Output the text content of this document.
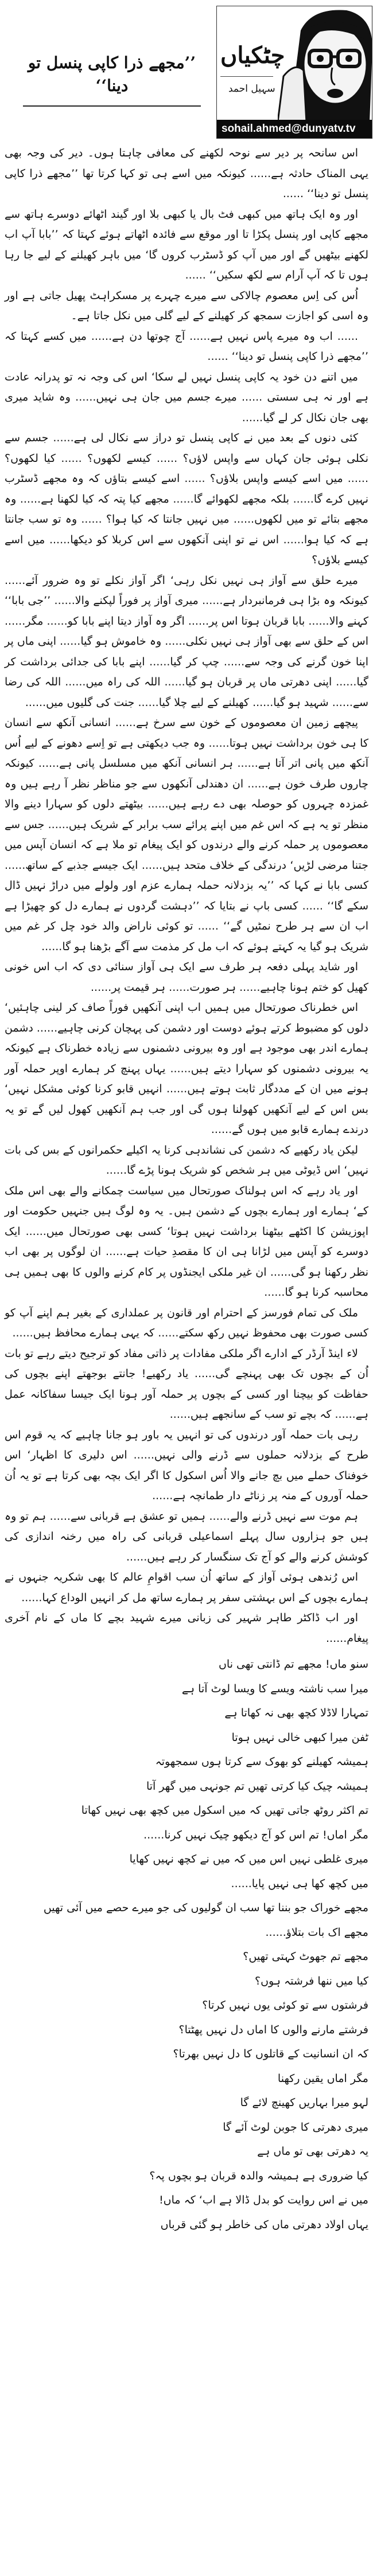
’’مجھے ذرا کاپی پنسل تو دینا‘‘
چٹکیاں
سہیل احمد
sohail.ahmed@dunyatv.tv

اس سانحہ پر دیر سے نوحہ لکھنے کی معافی چاہتا ہوں۔ دیر کی وجہ بھی یہی المناک حادثہ ہے...... کیونکہ میں اسے ہی تو کہا کرتا تھا ’’مجھے ذرا کاپی پنسل تو دینا‘‘ ......

اور وہ ایک ہاتھ میں کبھی فٹ بال یا کبھی بلا اور گیند اٹھائے دوسرے ہاتھ سے مجھے کاپی اور پنسل پکڑا تا اور موقع سے فائدہ اٹھاتے ہوئے کہتا کہ ’’بابا آپ اب لکھنے بیٹھیں گے اور میں آپ کو ڈسٹرب کروں گا‘ میں باہر کھیلنے کے لیے جا رہا ہوں تا کہ آپ آرام سے لکھ سکیں‘‘ ......

اُس کی اِس معصوم چالاکی سے میرے چہرے پر مسکراہٹ پھیل جاتی ہے اور وہ اسی کو اجازت سمجھ کر کھیلنے کے لیے گلی میں نکل جاتا ہے۔

...... اب وہ میرے پاس نہیں ہے...... آج چوتھا دن ہے...... میں کسے کہتا کہ ’’مجھے ذرا کاپی پنسل تو دینا‘‘ ......

میں اتنے دن خود یہ کاپی پنسل نہیں لے سکا‘ اس کی وجہ نہ تو پدرانہ عادت ہے اور نہ ہی سستی ...... میرے جسم میں جان ہی نہیں...... وہ شاید میری بھی جان نکال کر لے گیا......

کئی دنوں کے بعد میں نے کاپی پنسل تو دراز سے نکال لی ہے...... جسم سے نکلی ہوئی جان کہاں سے واپس لاؤں؟ ...... کیسے لکھوں؟ ...... کیا لکھوں؟ ...... میں اسے کیسے واپس بلاؤں؟ ...... اسے کیسے بتاؤں کہ وہ مجھے ڈسٹرب نہیں کرے گا...... بلکہ مجھے لکھوائے گا...... مجھے کیا پتہ کہ کیا لکھنا ہے...... وہ مجھے بتائے تو میں لکھوں...... میں نہیں جانتا کہ کیا ہوا؟ ...... وہ تو سب جانتا ہے کہ کیا ہوا...... اس نے تو اپنی آنکھوں سے اس کربلا کو دیکھا...... میں اسے کیسے بلاؤں؟

میرے حلق سے آواز ہی نہیں نکل رہی‘ اگر آواز نکلے تو وہ ضرور آئے...... کیونکہ وہ بڑا ہی فرمانبردار ہے...... میری آواز پر فوراً لپکنے والا...... ’’جی بابا‘‘ کہنے والا...... بابا قربان ہوتا اس پر...... اگر وہ آواز دیتا اپنے بابا کو...... مگر...... اس کے حلق سے بھی آواز ہی نہیں نکلی...... وہ خاموش ہو گیا...... اپنی ماں پر اپنا خون گرنے کی وجہ سے...... چپ کر گیا...... اپنے بابا کی جدائی برداشت کر گیا...... اپنی دھرتی ماں پر قربان ہو گیا...... اللہ کی راہ میں...... اللہ کی رضا سے...... شہید ہو گیا...... کھیلنے کے لیے چلا گیا...... جنت کی گلیوں میں......

پیچھے زمین ان معصوموں کے خون سے سرخ ہے...... انسانی آنکھ سے انسان کا ہی خون برداشت نہیں ہوتا...... وہ جب دیکھتی ہے تو اِسے دھونے کے لیے اُس آنکھ میں پانی اتر آتا ہے...... ہر انسانی آنکھ میں مسلسل پانی ہے...... کیونکہ چاروں طرف خون ہے...... ان دھندلی آنکھوں سے جو مناظر نظر آ رہے ہیں وہ غمزدہ چہروں کو حوصلہ بھی دے رہے ہیں...... بیٹھتے دلوں کو سہارا دینے والا منظر تو یہ ہے کہ اس غم میں اپنے پرائے سب برابر کے شریک ہیں...... جس سے معصوموں پر حملہ کرنے والے درندوں کو ایک پیغام تو ملا ہے کہ انسان آپس میں جتنا مرضی لڑیں‘ درندگی کے خلاف متحد ہیں...... ایک جیسے جذبے کے ساتھ...... کسی بابا نے کہا کہ ’’یہ بزدلانہ حملہ ہمارے عزم اور ولولے میں دراڑ نہیں ڈال سکے گا‘‘ ...... کسی باپ نے بتایا کہ ’’دہشت گردوں نے ہمارے دل کو چھیڑا ہے اب ان سے ہر طرح نمٹیں گے‘‘ ...... تو کوئی ناراض والد خود چل کر غم میں شریک ہو گیا یہ کہتے ہوئے کہ اب مل کر مذمت سے آگے بڑھنا ہو گا......

اور شاید پہلی دفعہ ہر طرف سے ایک ہی آواز سنائی دی کہ اب اس خونی کھیل کو ختم ہونا چاہیے...... ہر صورت...... ہر قیمت پر......

اس خطرناک صورتحال میں ہمیں اب اپنی آنکھیں فوراً صاف کر لینی چاہئیں‘ دلوں کو مضبوط کرتے ہوئے دوست اور دشمن کی پہچان کرنی چاہیے...... دشمن ہمارے اندر بھی موجود ہے اور وہ بیرونی دشمنوں سے زیادہ خطرناک ہے کیونکہ یہ بیرونی دشمنوں کو سہارا دیتے ہیں...... یہاں پہنچ کر ہمارے اوپر حملہ آور ہونے میں ان کے مددگار ثابت ہوتے ہیں...... انہیں قابو کرنا کوئی مشکل نہیں‘ بس اس کے لیے آنکھیں کھولنا ہوں گی اور جب ہم آنکھیں کھول لیں گے تو یہ درندے ہمارے قابو میں ہوں گے......

لیکن یاد رکھیے کہ دشمن کی نشاندہی کرنا یہ اکیلے حکمرانوں کے بس کی بات نہیں‘ اس ڈیوٹی میں ہر شخص کو شریک ہونا پڑے گا......

اور یاد رہے کہ اس ہولناک صورتحال میں سیاست چمکانے والے بھی اس ملک کے‘ ہمارے اور ہمارے بچوں کے دشمن ہیں۔ یہ وہ لوگ ہیں جنہیں حکومت اور اپوزیشن کا اکٹھے بیٹھنا برداشت نہیں ہوتا‘ کسی بھی صورتحال میں...... ایک دوسرے کو آپس میں لڑانا ہی ان کا مقصدِ حیات ہے...... ان لوگوں پر بھی اب نظر رکھنا ہو گی...... ان غیر ملکی ایجنڈوں پر کام کرنے والوں کا بھی ہمیں ہی محاسبہ کرنا ہو گا......

ملک کی تمام فورسز کے احترام اور قانون پر عملداری کے بغیر ہم اپنے آپ کو کسی صورت بھی محفوظ نہیں رکھ سکتے...... کہ یہی ہمارے محافظ ہیں......

لاء اینڈ آرڈر کے ادارے اگر ملکی مفادات پر ذاتی مفاد کو ترجیح دیتے رہے تو بات اُن کے بچوں تک بھی پہنچے گی...... یاد رکھیے! جانتے بوجھتے اپنے بچوں کی حفاظت کو بیچنا اور کسی کے بچوں پر حملہ آور ہونا ایک جیسا سفاکانہ عمل ہے...... کہ بچے تو سب کے سانجھے ہیں......

رہی بات حملہ آور درندوں کی تو انہیں یہ باور ہو جانا چاہیے کہ یہ قوم اس طرح کے بزدلانہ حملوں سے ڈرنے والی نہیں...... اس دلیری کا اظہار‘ اس خوفناک حملے میں بچ جانے والا اُس اسکول کا اگر ایک بچہ بھی کرتا ہے تو یہ اُن حملہ آوروں کے منہ پر زناٹے دار طمانچہ ہے......

ہم موت سے نہیں ڈرنے والے...... ہمیں تو عشق ہے قربانی سے...... ہم تو وہ ہیں جو ہزاروں سال پہلے اسماعیلی قربانی کی راہ میں رخنہ اندازی کی کوشش کرنے والے کو آج تک سنگسار کر رہے ہیں......

اس رُندھی ہوئی آواز کے ساتھ اُن سب اقوامِ عالم کا بھی شکریہ جنہوں نے ہمارے بچوں کے اس بہشتی سفر پر ہمارے ساتھ مل کر انہیں الوداع کہا......

اور اب ڈاکٹر طاہر شہیر کی زبانی میرے شہید بچے کا ماں کے نام آخری پیغام......

سنو ماں! مجھے تم ڈانتی تھی ناں
میرا سب ناشتہ ویسے کا ویسا لوٹ آتا ہے
تمہارا لاڈلا کچھ بھی نہ کھاتا ہے
ٹفن میرا کبھی خالی نہیں ہوتا
ہمیشہ کھیلنے کو بھوک سے کرتا ہوں سمجھوتہ
ہمیشہ چیک کیا کرتی تھیں تم جونہی میں گھر آتا
تم اکثر روٹھ جاتی تھیں کہ میں اسکول میں کچھ بھی نہیں کھاتا
مگر اماں! تم اس کو آج دیکھو چیک نہیں کرنا......
میری غلطی نہیں اس میں کہ میں نے کچھ نہیں کھایا
میں کچھ کھا ہی نہیں پایا......
مجھے خوراک جو بننا تھا سب ان گولیوں کی جو میرے حصے میں آئی تھیں
مجھے اک بات بتلاؤ......
مجھے تم جھوٹ کہتی تھیں؟
کیا میں ننھا فرشتہ ہوں؟
فرشتوں سے تو کوئی یوں نہیں کرتا؟
فرشتے مارنے والوں کا اماں دل نہیں پھٹتا؟
کہ ان انسانیت کے قاتلوں کا دل نہیں بھرتا؟
مگر اماں یقین رکھنا
لہو میرا بہاریں کھینچ لائے گا
میری دھرتی کا جوبن لوٹ آئے گا
یہ دھرتی بھی تو ماں ہے
کیا ضروری ہے ہمیشہ والدہ قربان ہو بچوں پہ؟
میں نے اس روایت کو بدل ڈالا ہے اب‘ کہ ماں!
یہاں اولاد دھرتی ماں کی خاطر ہو گئی قرباں
